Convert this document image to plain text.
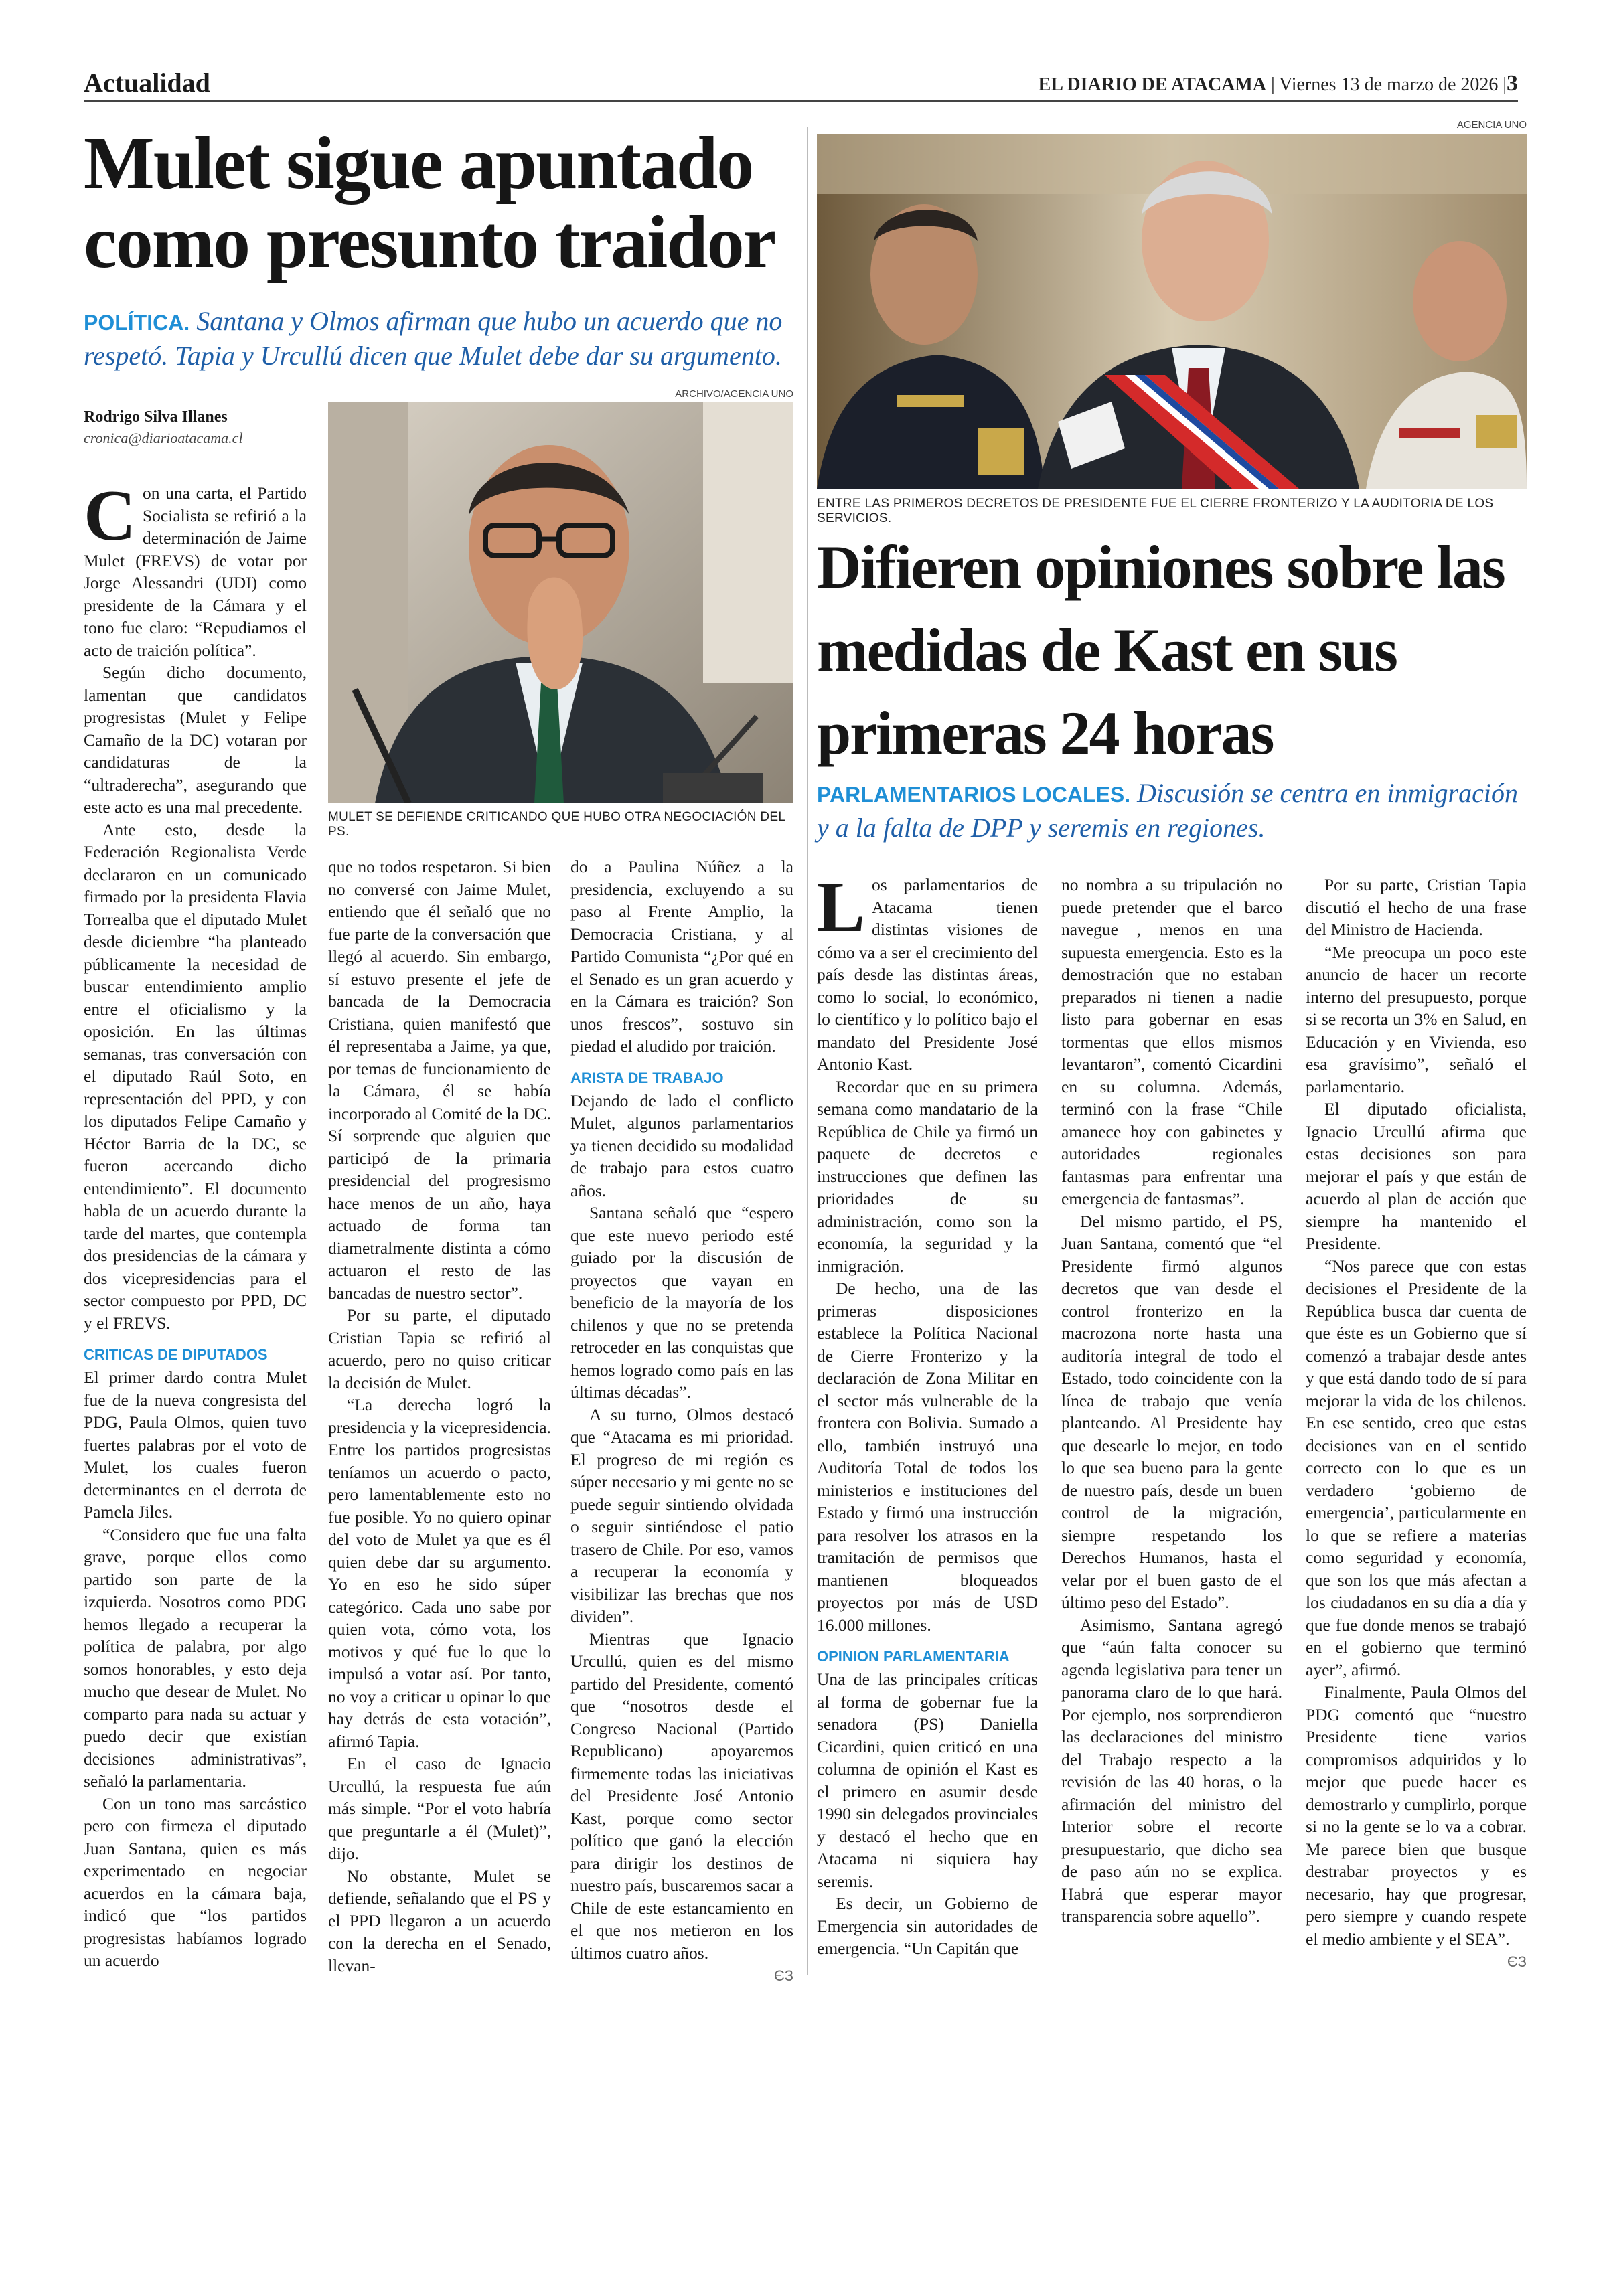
Actualidad	EL DIARIO DE ATACAMA | Viernes 13 de marzo de 2026 |3
Mulet sigue apuntado como presunto traidor
POLÍTICA. Santana y Olmos afirman que hubo un acuerdo que no respetó. Tapia y Urcullú dicen que Mulet debe dar su argumento.
Rodrigo Silva Illanes
cronica@diarioatacama.cl
ARCHIVO/AGENCIA UNO
MULET SE DEFIENDE CRITICANDO QUE HUBO OTRA NEGOCIACIÓN DEL PS.
C on una carta, el Partido Socialista se refirió a la determinación de Jaime Mulet (FREVS) de votar por Jorge Alessandri (UDI) como presidente de la Cámara y el tono fue claro: “Repudiamos el acto de traición política”.

Según dicho documento, lamentan que candidatos progresistas (Mulet y Felipe Camaño de la DC) votaran por candidaturas de la “ultraderecha”, asegurando que este acto es una mal precedente.

Ante esto, desde la Federación Regionalista Verde declararon en un comunicado firmado por la presidenta Flavia Torrealba que el diputado Mulet desde diciembre “ha planteado públicamente la necesidad de buscar entendimiento amplio entre el oficialismo y la oposición. En las últimas semanas, tras conversación con el diputado Raúl Soto, en representación del PPD, y con los diputados Felipe Camaño y Héctor Barria de la DC, se fueron acercando dicho entendimiento”. El documento habla de un acuerdo durante la tarde del martes, que contempla dos presidencias de la cámara y dos vicepresidencias para el sector compuesto por PPD, DC y el FREVS.

CRITICAS DE DIPUTADOS

El primer dardo contra Mulet fue de la nueva congresista del PDG, Paula Olmos, quien tuvo fuertes palabras por el voto de Mulet, los cuales fueron determinantes en el derrota de Pamela Jiles.

“Considero que fue una falta grave, porque ellos como partido son parte de la izquierda. Nosotros como PDG hemos llegado a recuperar la política de palabra, por algo somos honorables, y esto deja mucho que desear de Mulet. No comparto para nada su actuar y puedo decir que existían decisiones administrativas”, señaló la parlamentaria.

Con un tono mas sarcástico pero con firmeza el diputado Juan Santana, quien es más experimentado en negociar acuerdos en la cámara baja, indicó que “los partidos progresistas habíamos logrado un acuerdo

que no todos respetaron. Si bien no conversé con Jaime Mulet, entiendo que él señaló que no fue parte de la conversación que llegó al acuerdo. Sin embargo, sí estuvo presente el jefe de bancada de la Democracia Cristiana, quien manifestó que él representaba a Jaime, ya que, por temas de funcionamiento de la Cámara, él se había incorporado al Comité de la DC. Sí sorprende que alguien que participó de la primaria presidencial del progresismo hace menos de un año, haya actuado de forma tan diametralmente distinta a cómo actuaron el resto de las bancadas de nuestro sector”.

Por su parte, el diputado Cristian Tapia se refirió al acuerdo, pero no quiso criticar la decisión de Mulet.

“La derecha logró la presidencia y la vicepresidencia. Entre los partidos progresistas teníamos un acuerdo o pacto, pero lamentablemente esto no fue posible. Yo no quiero opinar del voto de Mulet ya que es él quien debe dar su argumento. Yo en eso he sido súper categórico. Cada uno sabe por quien vota, cómo vota, los motivos y qué fue lo que lo impulsó a votar así. Por tanto, no voy a criticar u opinar lo que hay detrás de esta votación”, afirmó Tapia.

En el caso de Ignacio Urcullú, la respuesta fue aún más simple. “Por el voto habría que preguntarle a él (Mulet)”, dijo.

No obstante, Mulet se defiende, señalando que el PS y el PPD llegaron a un acuerdo con la derecha en el Senado, llevan-

do a Paulina Núñez a la presidencia, excluyendo a su paso al Frente Amplio, la Democracia Cristiana, y al Partido Comunista “¿Por qué en el Senado es un gran acuerdo y en la Cámara es traición? Son unos frescos”, sostuvo sin piedad el aludido por traición.

ARISTA DE TRABAJO

Dejando de lado el conflicto Mulet, algunos parlamentarios ya tienen decidido su modalidad de trabajo para estos cuatro años.

Santana señaló que “espero que este nuevo periodo esté guiado por la discusión de proyectos que vayan en beneficio de la mayoría de los chilenos y que no se pretenda retroceder en las conquistas que hemos logrado como país en las últimas décadas”.

A su turno, Olmos destacó que “Atacama es mi prioridad. El progreso de mi región es súper necesario y mi gente no se puede seguir sintiendo olvidada o seguir sintiéndose el patio trasero de Chile. Por eso, vamos a recuperar la economía y visibilizar las brechas que nos dividen”.

Mientras que Ignacio Urcullú, quien es del mismo partido del Presidente, comentó que “nosotros desde el Congreso Nacional (Partido Republicano) apoyaremos firmemente todas las iniciativas del Presidente José Antonio Kast, porque como sector político que ganó la elección para dirigir los destinos de nuestro país, buscaremos sacar a Chile de este estancamiento en el que nos metieron en los últimos cuatro años.

ЄЗ
AGENCIA UNO
ENTRE LAS PRIMEROS DECRETOS DE PRESIDENTE FUE EL CIERRE FRONTERIZO Y LA AUDITORIA DE LOS SERVICIOS.
Difieren opiniones sobre las medidas de Kast en sus primeras 24 horas
PARLAMENTARIOS LOCALES. Discusión se centra en inmigración y a la falta de DPP y seremis en regiones.
L os parlamentarios de Atacama tienen distintas visiones de cómo va a ser el crecimiento del país desde las distintas áreas, como lo social, lo económico, lo científico y lo político bajo el mandato del Presidente José Antonio Kast.

Recordar que en su primera semana como mandatario de la República de Chile ya firmó un paquete de decretos e instrucciones que definen las prioridades de su administración, como son la economía, la seguridad y la inmigración.

De hecho, una de las primeras disposiciones establece la Política Nacional de Cierre Fronterizo y la declaración de Zona Militar en el sector más vulnerable de la frontera con Bolivia. Sumado a ello, también instruyó una Auditoría Total de todos los ministerios e instituciones del Estado y firmó una instrucción para resolver los atrasos en la tramitación de permisos que mantienen bloqueados proyectos por más de USD 16.000 millones.

OPINION PARLAMENTARIA

Una de las principales críticas al forma de gobernar fue la senadora (PS) Daniella Cicardini, quien criticó en una columna de opinión el Kast es el primero en asumir desde 1990 sin delegados provinciales y destacó el hecho que en Atacama ni siquiera hay seremis.

Es decir, un Gobierno de Emergencia sin autoridades de emergencia. “Un Capitán que

no nombra a su tripulación no puede pretender que el barco navegue , menos en una supuesta emergencia. Esto es la demostración que no estaban preparados ni tienen a nadie listo para gobernar en esas tormentas que ellos mismos levantaron”, comentó Cicardini en su columna. Además, terminó con la frase “Chile amanece hoy con gabinetes y autoridades regionales fantasmas para enfrentar una emergencia de fantasmas”.

Del mismo partido, el PS, Juan Santana, comentó que “el Presidente firmó algunos decretos que van desde el control fronterizo en la macrozona norte hasta una auditoría integral de todo el Estado, todo coincidente con la línea de trabajo que venía planteando. Al Presidente hay que desearle lo mejor, en todo lo que sea bueno para la gente de nuestro país, desde un buen control de la migración, siempre respetando los Derechos Humanos, hasta el velar por el buen gasto de el último peso del Estado”.

Asimismo, Santana agregó que “aún falta conocer su agenda legislativa para tener un panorama claro de lo que hará. Por ejemplo, nos sorprendieron las declaraciones del ministro del Trabajo respecto a la revisión de las 40 horas, o la afirmación del ministro del Interior sobre el recorte presupuestario, que dicho sea de paso aún no se explica. Habrá que esperar mayor transparencia sobre aquello”.

Por su parte, Cristian Tapia discutió el hecho de una frase del Ministro de Hacienda.

“Me preocupa un poco este anuncio de hacer un recorte interno del presupuesto, porque si se recorta un 3% en Salud, en Educación y en Vivienda, eso esa gravísimo”, señaló el parlamentario.

El diputado oficialista, Ignacio Urcullú afirma que estas decisiones son para mejorar el país y que están de acuerdo al plan de acción que siempre ha mantenido el Presidente.

“Nos parece que con estas decisiones el Presidente de la República busca dar cuenta de que éste es un Gobierno que sí comenzó a trabajar desde antes y que está dando todo de sí para mejorar la vida de los chilenos. En ese sentido, creo que estas decisiones van en el sentido correcto con lo que es un verdadero ‘gobierno de emergencia’, particularmente en lo que se refiere a materias como seguridad y economía, que son los que más afectan a los ciudadanos en su día a día y que fue donde menos se trabajó en el gobierno que terminó ayer”, afirmó.

Finalmente, Paula Olmos del PDG comentó que “nuestro Presidente tiene varios compromisos adquiridos y lo mejor que puede hacer es demostrarlo y cumplirlo, porque si no la gente se lo va a cobrar. Me parece bien que busque destrabar proyectos y es necesario, hay que progresar, pero siempre y cuando respete el medio ambiente y el SEA”.

ЄЗ
